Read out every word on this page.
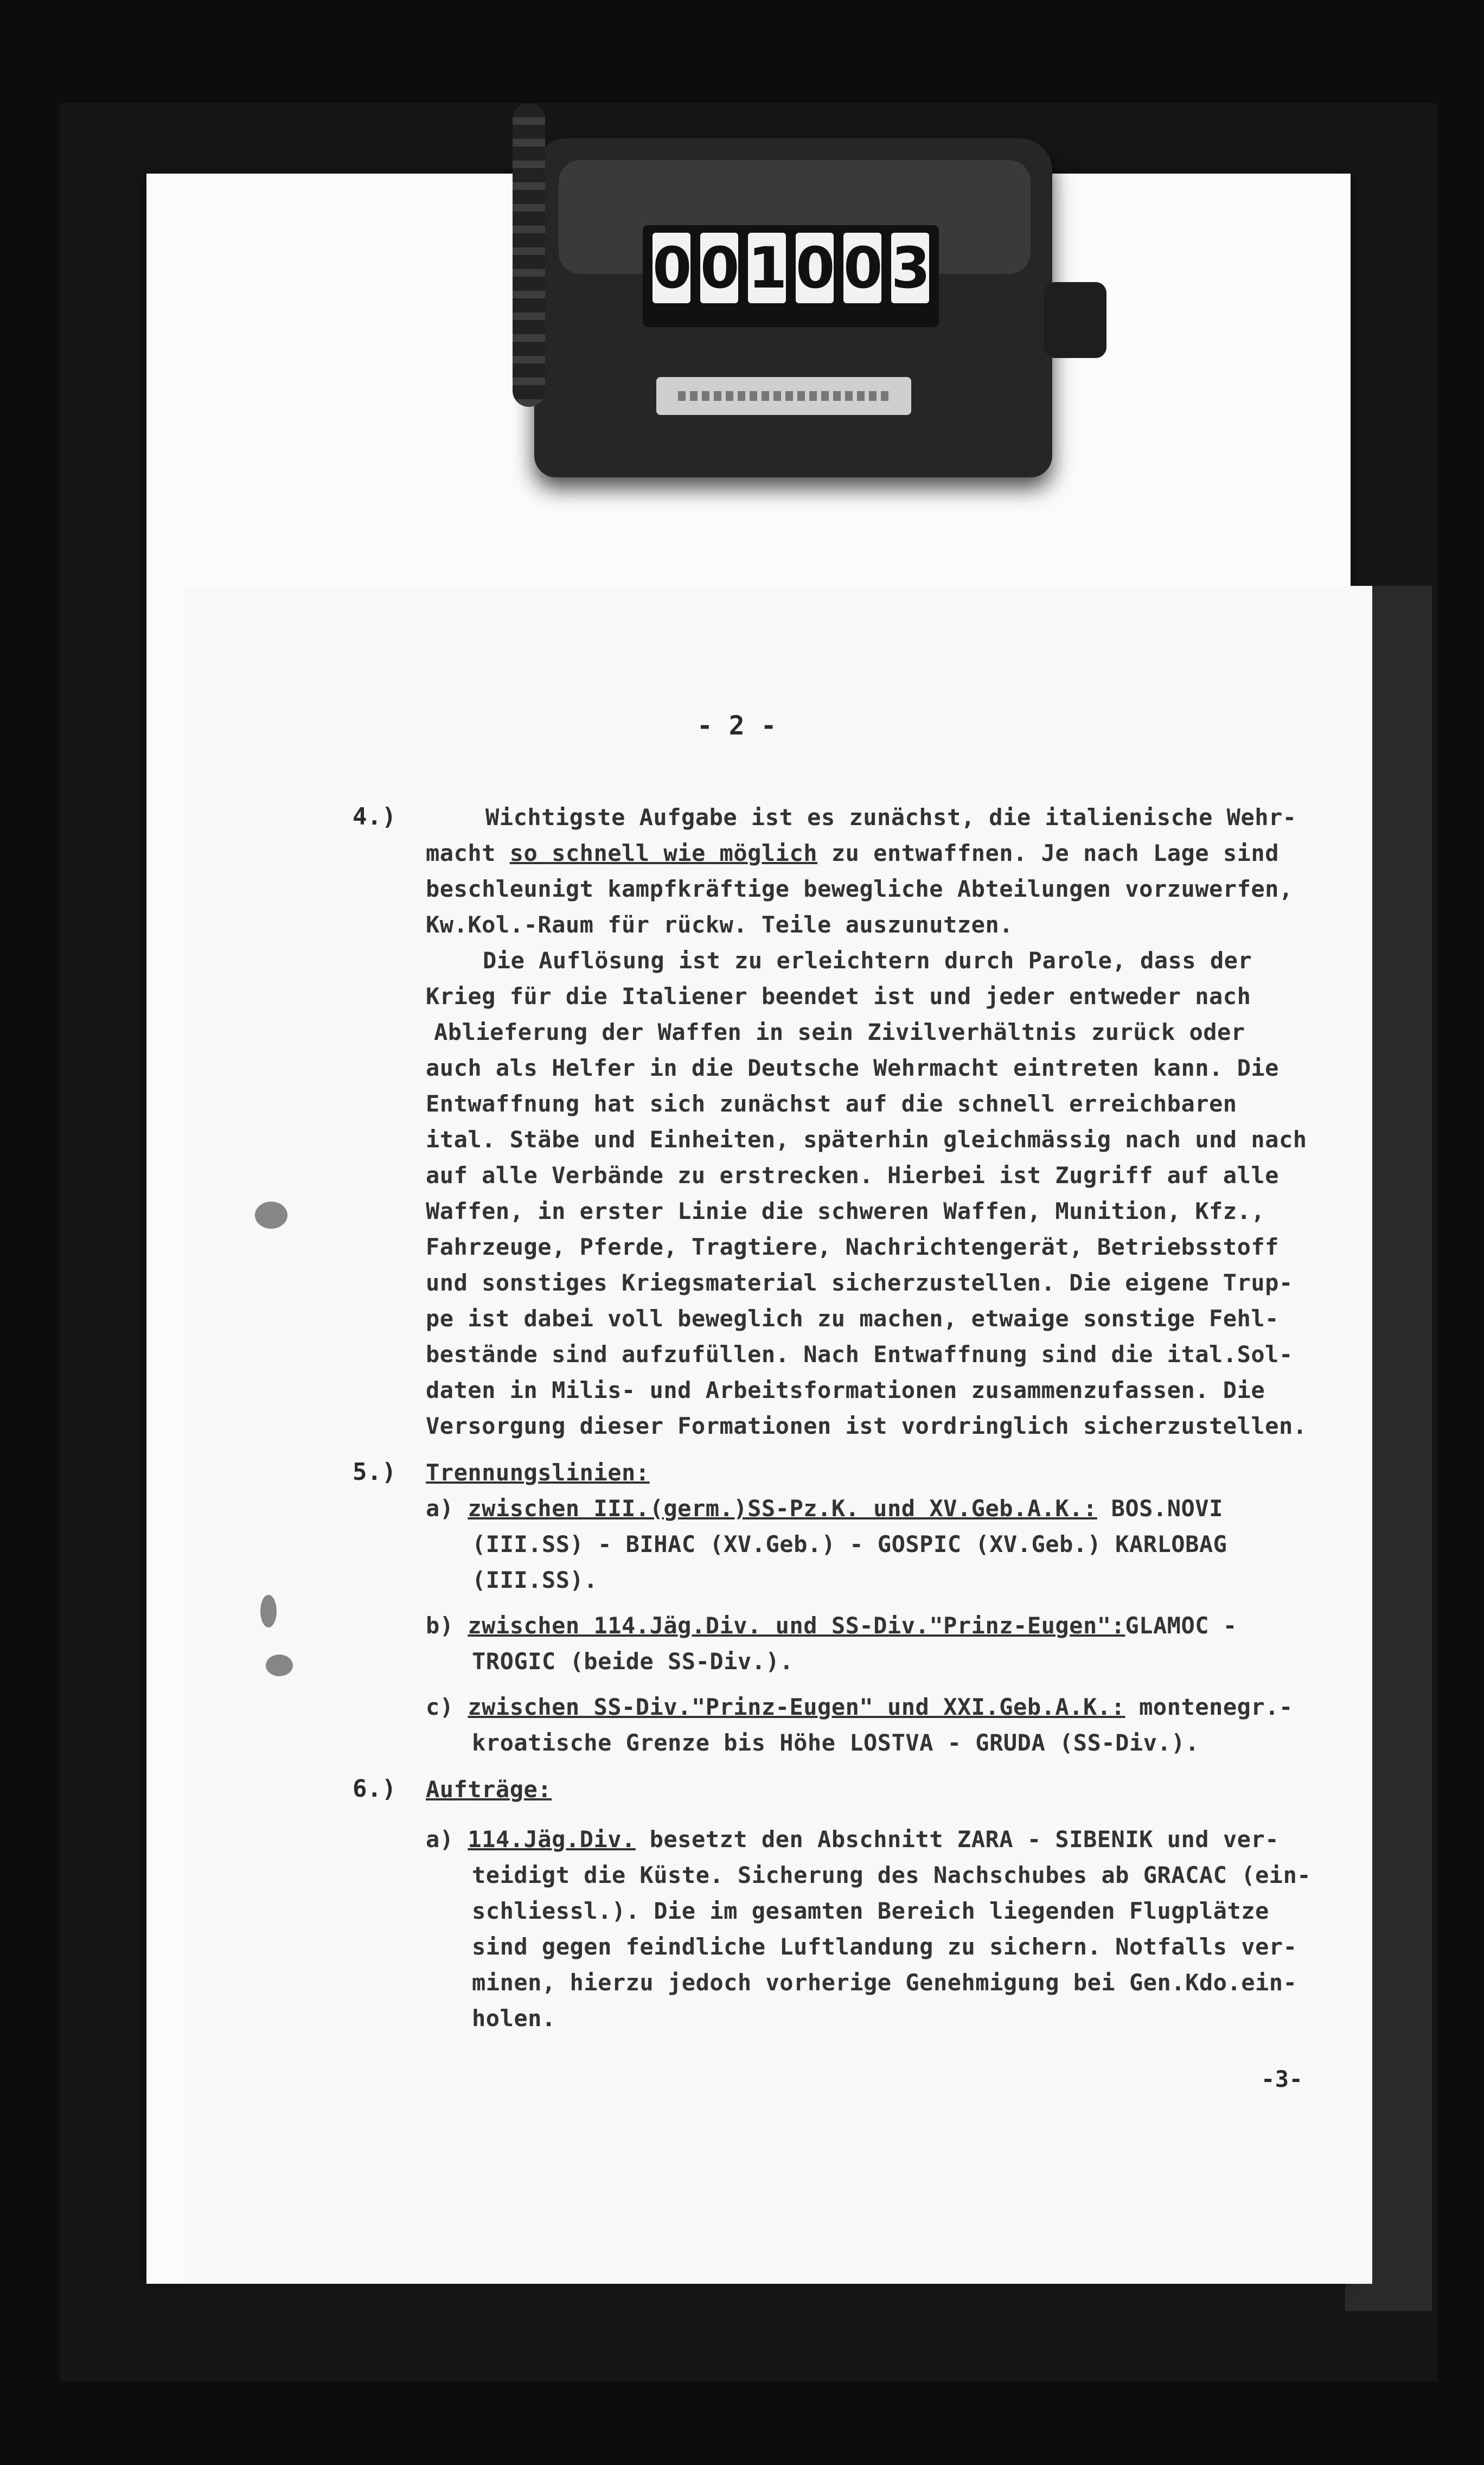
0 0 1 0 0 3
- 2 -
4.)	Wichtigste Aufgabe ist es zunächst, die italienische Wehr-
macht so schnell wie möglich zu entwaffnen. Je nach Lage sind
beschleunigt kampfkräftige bewegliche Abteilungen vorzuwerfen,
Kw.Kol.-Raum für rückw. Teile auszunutzen.
Die Auflösung ist zu erleichtern durch Parole, dass der
Krieg für die Italiener beendet ist und jeder entweder nach
Ablieferung der Waffen in sein Zivilverhältnis zurück oder
auch als Helfer in die Deutsche Wehrmacht eintreten kann. Die
Entwaffnung hat sich zunächst auf die schnell erreichbaren
ital. Stäbe und Einheiten, späterhin gleichmässig nach und nach
auf alle Verbände zu erstrecken. Hierbei ist Zugriff auf alle
Waffen, in erster Linie die schweren Waffen, Munition, Kfz.,
Fahrzeuge, Pferde, Tragtiere, Nachrichtengerät, Betriebsstoff
und sonstiges Kriegsmaterial sicherzustellen. Die eigene Trup-
pe ist dabei voll beweglich zu machen, etwaige sonstige Fehl-
bestände sind aufzufüllen. Nach Entwaffnung sind die ital.Sol-
daten in Milis- und Arbeitsformationen zusammenzufassen. Die
Versorgung dieser Formationen ist vordringlich sicherzustellen.
5.) Trennungslinien:
a) zwischen III.(germ.)SS-Pz.K. und XV.Geb.A.K.: BOS.NOVI
(III.SS) - BIHAC (XV.Geb.) - GOSPIC (XV.Geb.) KARLOBAG
(III.SS).
b) zwischen 114.Jäg.Div. und SS-Div."Prinz-Eugen":GLAMOC -
TROGIC (beide SS-Div.).
c) zwischen SS-Div."Prinz-Eugen" und XXI.Geb.A.K.: montenegr.-
kroatische Grenze bis Höhe LOSTVA - GRUDA (SS-Div.).
6.) Aufträge:
a) 114.Jäg.Div. besetzt den Abschnitt ZARA - SIBENIK und ver-
teidigt die Küste. Sicherung des Nachschubes ab GRACAC (ein-
schliessl.). Die im gesamten Bereich liegenden Flugplätze
sind gegen feindliche Luftlandung zu sichern. Notfalls ver-
minen, hierzu jedoch vorherige Genehmigung bei Gen.Kdo.ein-
holen.
-3-
